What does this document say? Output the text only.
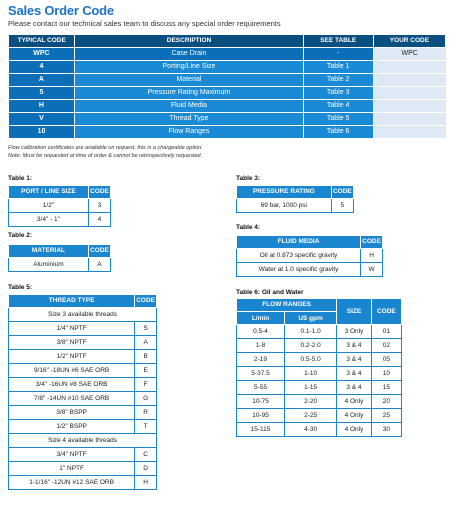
Sales Order Code
Please contact our technical sales team to discuss any special order requirements
TYPICAL CODE	DESCRIPTION	SEE TABLE	YOUR CODE
WPC	Case Drain	-	WPC
4	Porting/Line Size	Table 1	
A	Material	Table 2	
5	Pressure Rating Maximum	Table 3	
H	Fluid Media	Table 4	
V	Thread Type	Table 5	
10	Flow Ranges	Table 6	
Flow calibration certificates are available on request, this is a chargeable option.
Note: Must be requested at time of order & cannot be retrospectively requested.
Table 1:
PORT / LINE SIZE	CODE
1/2"	3
3/4" - 1"	4
Table 2:
MATERIAL	CODE
Aluminium	A
Table 3:
PRESSURE RATING	CODE
69 bar, 1000 psi	5
Table 4:
FLUID MEDIA	CODE
Oil at 0.873 specific gravity	H
Water at 1.0 specific gravity	W
Table 5:
THREAD TYPE	CODE
Size 3 available threads	
1/4" NPTF	S
3/8" NPTF	A
1/2" NPTF	B
9/16" -18UN #6 SAE ORB	E
3/4" -16UN #8 SAE ORB	F
7/8" -14UN #10 SAE ORB	G
3/8" BSPP	R
1/2" BSPP	T
Size 4 available threads	
3/4" NPTF	C
1" NPTF	D
1-1/16" -12UN #12 SAE ORB	H
Table 6: Oil and Water
FLOW RANGES		SIZE	CODE
L/min	US gpm		
0.5-4	0.1-1.0	3 Only	01
1-8	0.2-2.0	3 & 4	02
2-19	0.5-5.0	3 & 4	05
5-37.5	1-10	3 & 4	10
5-55	1-15	3 & 4	15
10-75	2-20	4 Only	20
10-95	2-25	4 Only	25
15-115	4-30	4 Only	30
